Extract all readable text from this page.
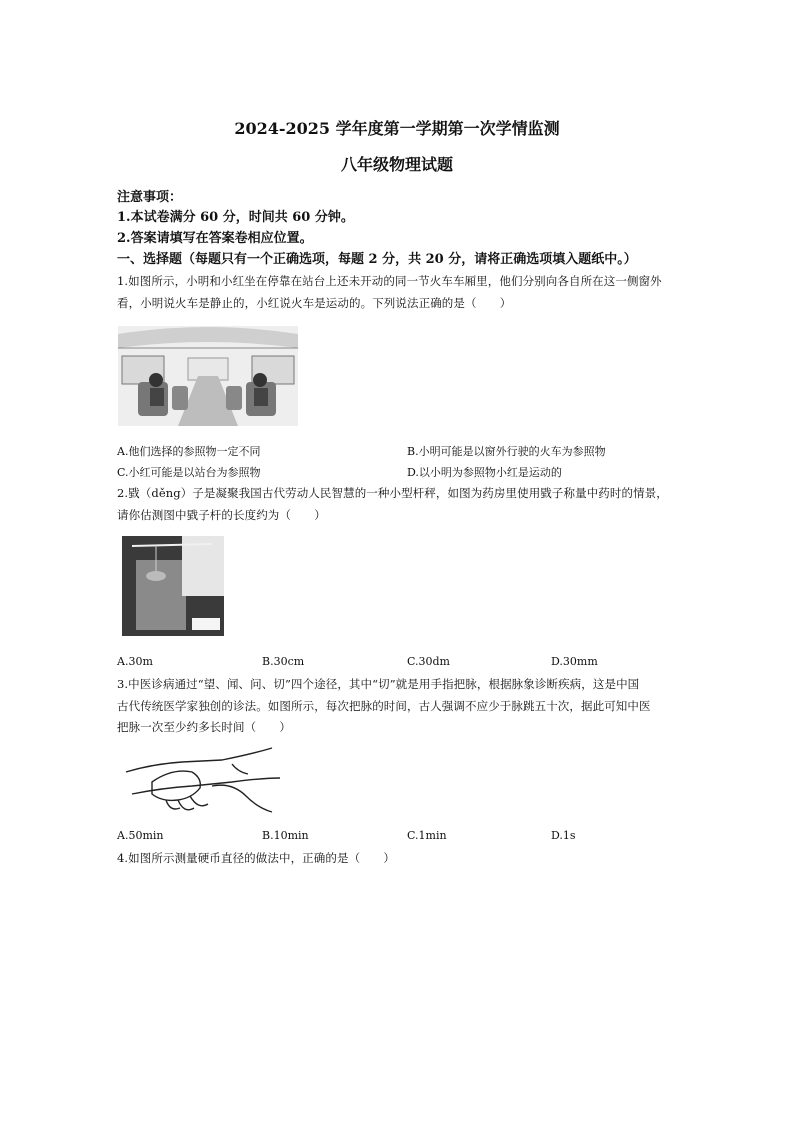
2024-2025 学年度第一学期第一次学情监测
八年级物理试题
注意事项：
1.本试卷满分 60 分，时间共 60 分钟。
2.答案请填写在答案卷相应位置。
一、选择题（每题只有一个正确选项，每题 2 分，共 20 分，请将正确选项填入题纸中。）
1.如图所示，小明和小红坐在停靠在站台上还未开动的同一节火车车厢里，他们分别向各自所在这一侧窗外
看，小明说火车是静止的，小红说火车是运动的。下列说法正确的是（　　）
A.他们选择的参照物一定不同	B.小明可能是以窗外行驶的火车为参照物
C.小红可能是以站台为参照物	D.以小明为参照物小红是运动的
2.戥（děng）子是凝聚我国古代劳动人民智慧的一种小型杆秤，如图为药房里使用戥子称量中药时的情景，
请你估测图中戥子杆的长度约为（　　）
A.30m	B.30cm	C.30dm	D.30mm
3.中医诊病通过“望、闻、问、切”四个途径，其中“切”就是用手指把脉，根据脉象诊断疾病，这是中国
古代传统医学家独创的诊法。如图所示，每次把脉的时间，古人强调不应少于脉跳五十次，据此可知中医
把脉一次至少约多长时间（　　）
A.50min	B.10min	C.1min	D.1s
4.如图所示测量硬币直径的做法中，正确的是（　　）
